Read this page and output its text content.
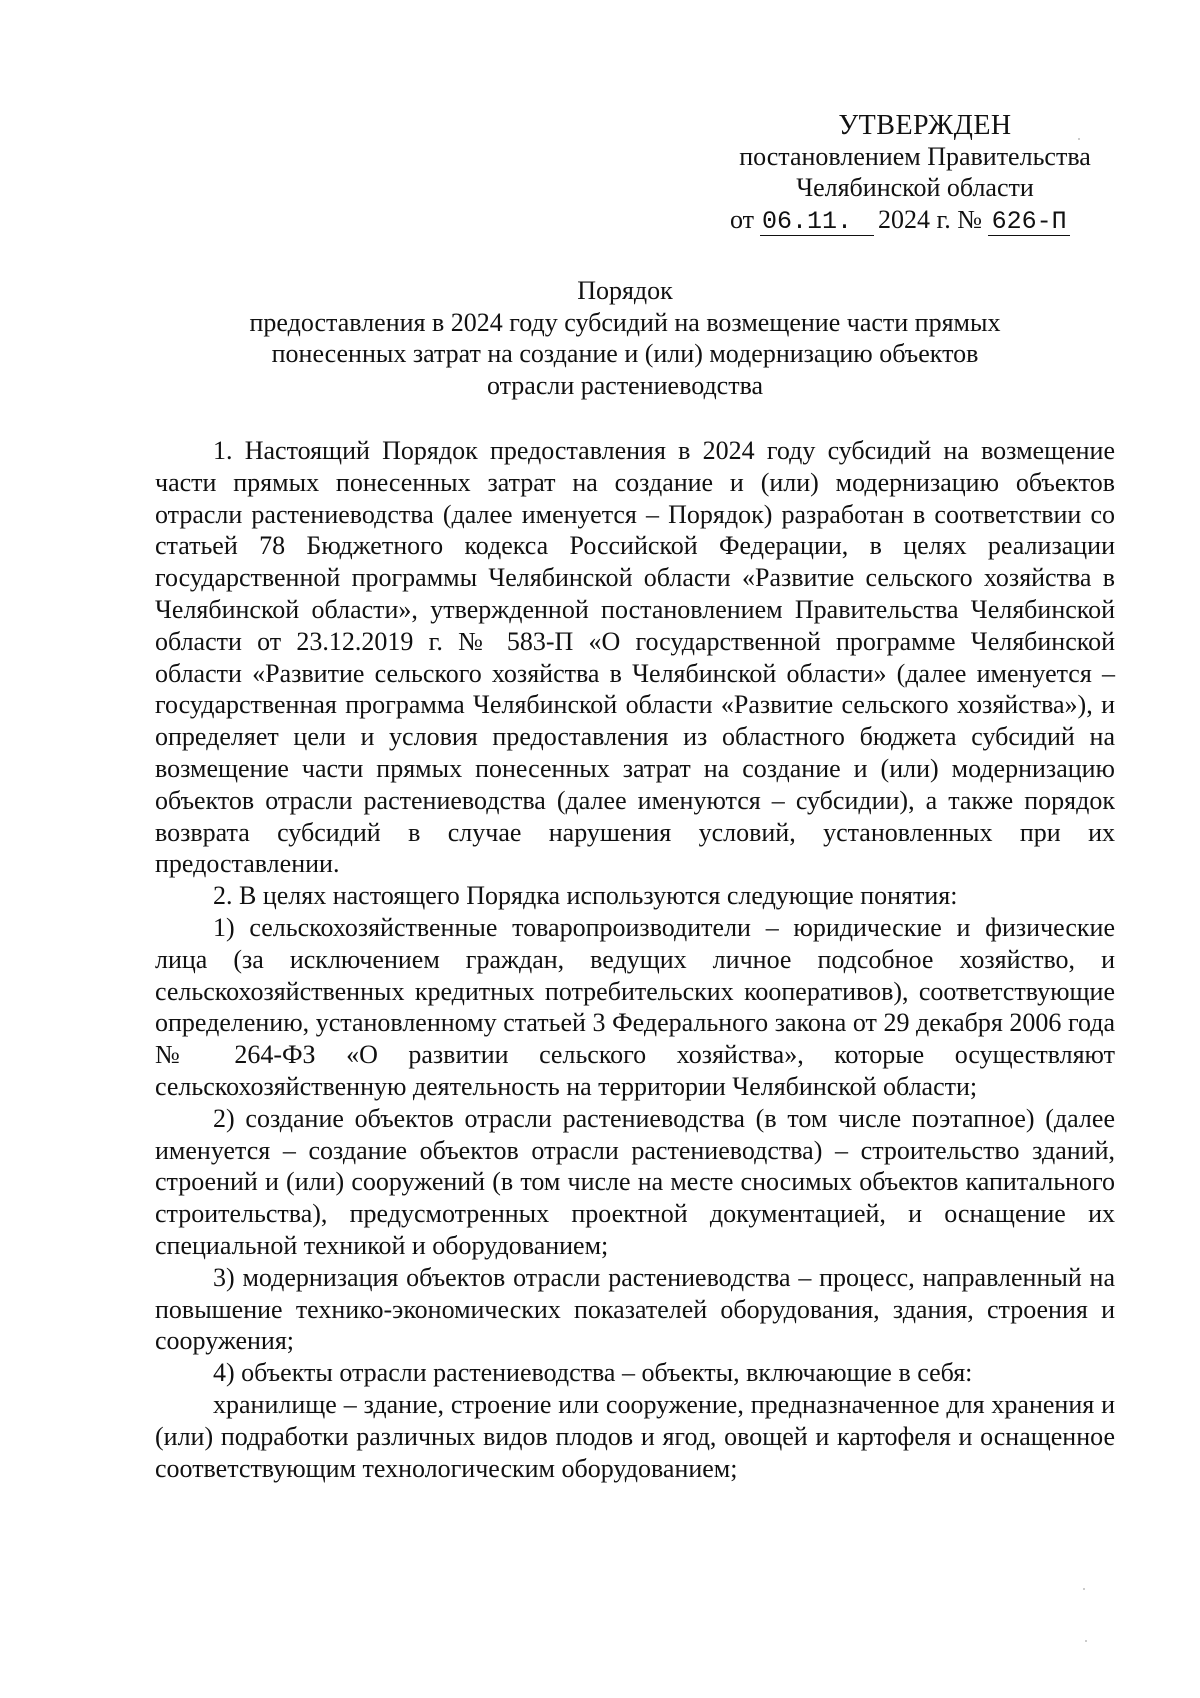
УТВЕРЖДЕН
постановлением Правительства
Челябинской области
от 06.11. 2024 г. № 626-П
Порядок
предоставления в 2024 году субсидий на возмещение части прямых
понесенных затрат на создание и (или) модернизацию объектов
отрасли растениеводства

1. Настоящий Порядок предоставления в 2024 году субсидий на возмещение части прямых понесенных затрат на создание и (или) модернизацию объектов отрасли растениеводства (далее именуется – Порядок) разработан в соответствии со статьей 78 Бюджетного кодекса Российской Федерации, в целях реализации государственной программы Челябинской области «Развитие сельского хозяйства в Челябинской области», утвержденной постановлением Правительства Челябинской области от 23.12.2019 г. № 583-П «О государственной программе Челябинской области «Развитие сельского хозяйства в Челябинской области» (далее именуется – государственная программа Челябинской области «Развитие сельского хозяйства»), и определяет цели и условия предоставления из областного бюджета субсидий на возмещение части прямых понесенных затрат на создание и (или) модернизацию объектов отрасли растениеводства (далее именуются – субсидии), а также порядок возврата субсидий в случае нарушения условий, установленных при их предоставлении.

2. В целях настоящего Порядка используются следующие понятия:

1) сельскохозяйственные товаропроизводители – юридические и физические лица (за исключением граждан, ведущих личное подсобное хозяйство, и сельскохозяйственных кредитных потребительских кооперативов), соответствующие определению, установленному статьей 3 Федерального закона от 29 декабря 2006 года № 264-ФЗ «О развитии сельского хозяйства», которые осуществляют сельскохозяйственную деятельность на территории Челябинской области;

2) создание объектов отрасли растениеводства (в том числе поэтапное) (далее именуется – создание объектов отрасли растениеводства) – строительство зданий, строений и (или) сооружений (в том числе на месте сносимых объектов капитального строительства), предусмотренных проектной документацией, и оснащение их специальной техникой и оборудованием;

3) модернизация объектов отрасли растениеводства – процесс, направленный на повышение технико-экономических показателей оборудования, здания, строения и сооружения;

4) объекты отрасли растениеводства – объекты, включающие в себя:

хранилище – здание, строение или сооружение, предназначенное для хранения и (или) подработки различных видов плодов и ягод, овощей и картофеля и оснащенное соответствующим технологическим оборудованием;
